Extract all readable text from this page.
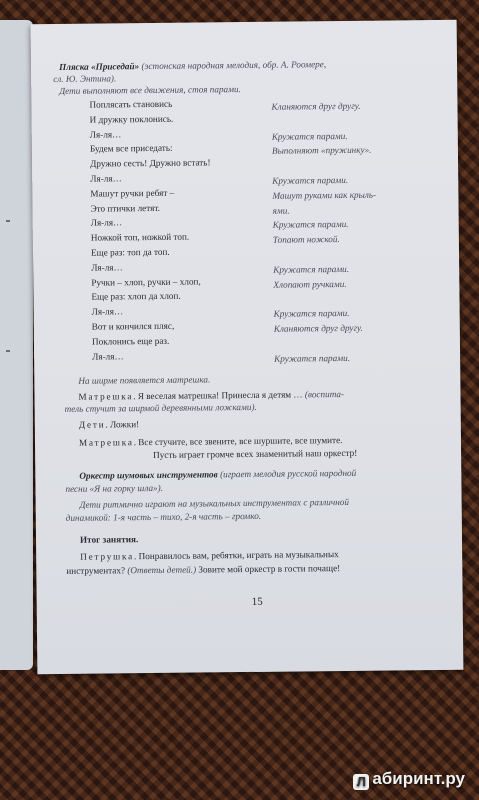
Пляска «Приседай» (эстонская народная мелодия, обр. А. Роомере,
сл. Ю. Энтина).
Дети выполняют все движения, стоя парами.
Поплясать становись	Кланяются друг другу.
И дружку поклонись.
Ля-ля…	Кружатся парами.
Будем все приседать:	Выполняют «пружинку».
Дружно сесть! Дружно встать!
Ля-ля…	Кружатся парами.
Машут ручки ребят –	Машут руками как крыль-
Это птички летят.	ями.
Ля-ля…	Кружатся парами.
Ножкой топ, ножкой топ.	Топают ножкой.
Еще раз: топ да топ.
Ля-ля…	Кружатся парами.
Ручки – хлоп, ручки – хлоп,	Хлопают ручками.
Еще раз: хлоп да хлоп.
Ля-ля…	Кружатся парами.
Вот и кончился пляс,	Кланяются друг другу.
Поклонись еще раз.
Ля-ля…	Кружатся парами.
На ширме появляется матрешка.
Матрешка. Я веселая матрешка! Принесла я детям … (воспита-
тель стучит за ширмой деревянными ложками).
Дети. Ложки!
Матрешка. Все стучите, все звените, все шуршите, все шумите.
Пусть играет громче всех знаменитый наш оркестр!
Оркестр шумовых инструментов (играет мелодия русской народной
песни «Я на горку шла»).
Дети ритмично играют на музыкальных инструментах с различной
динамикой: 1-я часть – тихо, 2-я часть – громко.
Итог занятия.
Петрушка. Понравилось вам, ребятки, играть на музыкальных
инструментах? (Ответы детей.) Зовите мой оркестр в гости почаще!
15
Л абиринт.ру
